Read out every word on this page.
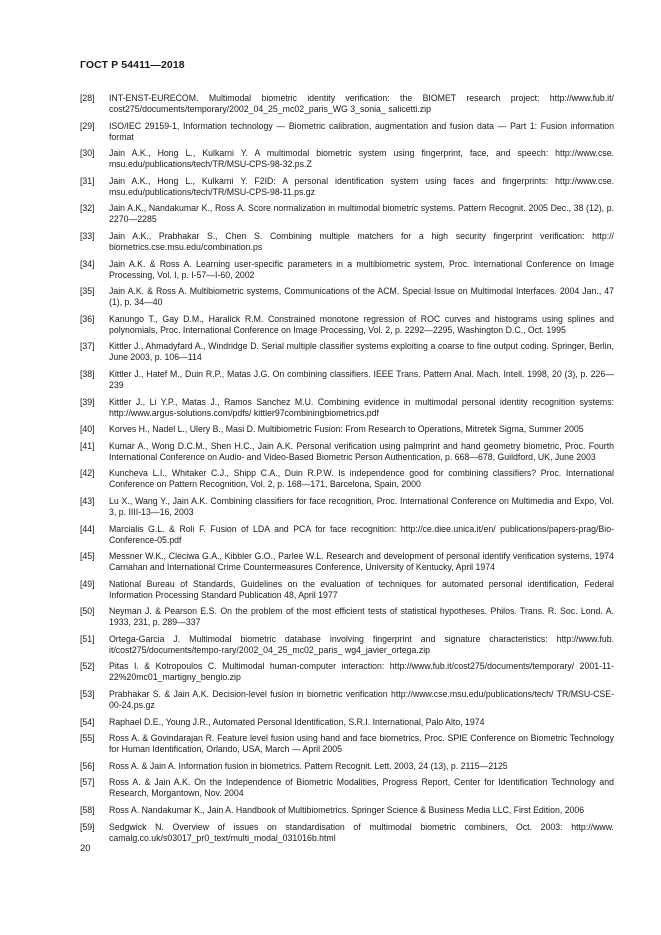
ГОСТ Р 54411—2018
[28]	INT-ENST-EURECOM. Multimodal biometric identity verification: the BIOMET research project: http://www.fub.it/ cost275/documents/temporary/2002_04_25_mc02_paris_WG 3_sonia_ salicetti.zip
[29]	ISO/IEC 29159-1, Information technology — Biometric calibration, augmentation and fusion data — Part 1: Fusion information format
[30]	Jain A.K., Hong L., Kulkarni Y. A multimodal biometric system using fingerprint, face, and speech: http://www.cse. msu.edu/publications/tech/TR/MSU-CPS-98-32.ps.Z
[31]	Jain A.K., Hong L., Kulkarni Y. F2ID: A personal identification system using faces and fingerprints: http://www.cse. msu.edu/publications/tech/TR/MSU-CPS-98-11.ps.gz
[32]	Jain A.K., Nandakumar K., Ross A. Score normalization in multimodal biometric systems. Pattern Recognit. 2005 Dec., 38 (12), p. 2270—2285
[33]	Jain A.K., Prabhakar S., Chen S. Combining multiple matchers for a high security fingerprint verification: http:// biometrics.cse.msu.edu/combination.ps
[34]	Jain A.K. & Ross A. Learning user-specific parameters in a multibiometric system, Proc. International Conference on Image Processing, Vol. I, p. I-57—I-60, 2002
[35]	Jain A.K. & Ross A. Multibiometric systems, Communications of the ACM. Special Issue on Multimodal Interfaces. 2004 Jan., 47 (1), p. 34—40
[36]	Kanungo T., Gay D.M., Haralick R.M. Constrained monotone regression of ROC curves and histograms using splines and polynomials, Proc. International Conference on Image Processing, Vol. 2, p. 2292—2295, Washington D.C., Oct. 1995
[37]	Kittler J., Ahmadyfard A., Windridge D. Serial multiple classifier systems exploiting a coarse to fine output coding. Springer, Berlin, June 2003, p. 106—114
[38]	Kittler J., Hatef M., Duin R.P., Matas J.G. On combining classifiers. IEEE Trans. Pattern Anal. Mach. Intell. 1998, 20 (3), p. 226—239
[39]	Kittler J., Li Y.P., Matas J., Ramos Sanchez M.U. Combining evidence in multimodal personal identity recognition systems: http://www.argus-solutions.com/pdfs/ kittler97combiningbiometrics.pdf
[40]	Korves H., Nadel L., Ulery B., Masi D. Multibiometric Fusion: From Research to Operations, Mitretek Sigma, Summer 2005
[41]	Kumar A., Wong D.C.M., Shen H.C., Jain A.K. Personal verification using palmprint and hand geometry biometric, Proc. Fourth International Conference on Audio- and Video-Based Biometric Person Authentication, p. 668—678, Guildford, UK, June 2003
[42]	Kuncheva L.I., Whitaker C.J., Shipp C.A., Duin R.P.W. Is independence good for combining classifiers? Proc. International Conference on Pattern Recognition, Vol. 2, p. 168—171, Barcelona, Spain, 2000
[43]	Lu X., Wang Y., Jain A.K. Combining classifiers for face recognition, Proc. International Conference on Multimedia and Expo, Vol. 3, p. IIII-13—16, 2003
[44]	Marcialis G.L. & Roli F. Fusion of LDA and PCA for face recognition: http://ce.diee.unica.it/en/ publications/papers-prag/Bio-Conference-05.pdf
[45]	Messner W.K., Cleciwa G.A., Kibbler G.O., Parlee W.L. Research and development of personal identify verification systems, 1974 Carnahan and International Crime Countermeasures Conference, University of Kentucky, April 1974
[49]	National Bureau of Standards, Guidelines on the evaluation of techniques for automated personal identification, Federal Information Processing Standard Publication 48, April 1977
[50]	Neyman J. & Pearson E.S. On the problem of the most efficient tests of statistical hypotheses. Philos. Trans. R. Soc. Lond. A. 1933, 231, p. 289—337
[51]	Ortega-Garcia J. Multimodal biometric database involving fingerprint and signature characteristics: http://www.fub. it/cost275/documents/tempo-rary/2002_04_25_mc02_paris_ wg4_javier_ortega.zip
[52]	Pitas I. & Kotropoulos C. Multimodal human-computer interaction: http://www.fub.it/cost275/documents/temporary/ 2001-11-22%20mc01_martigny_bengio.zip
[53]	Prabhakar S. & Jain A.K. Decision-level fusion in biometric verification http://www.cse.msu.edu/publications/tech/ TR/MSU-CSE-00-24.ps.gz
[54]	Raphael D.E., Young J.R., Automated Personal Identification, S.R.I. International, Palo Alto, 1974
[55]	Ross A. & Govindarajan R. Feature level fusion using hand and face biometrics, Proc. SPIE Conference on Biometric Technology for Human Identification, Orlando, USA, March — April 2005
[56]	Ross A. & Jain A. Information fusion in biometrics. Pattern Recognit. Lett. 2003, 24 (13), p. 2115—2125
[57]	Ross A. & Jain A.K. On the Independence of Biometric Modalities, Progress Report, Center for Identification Technology and Research, Morgantown, Nov. 2004
[58]	Ross A. Nandakumar K., Jain A. Handbook of Multibiometrics. Springer Science & Business Media LLC, First Edition, 2006
[59]	Sedgwick N. Overview of issues on standardisation of multimodal biometric combiners, Oct. 2003: http://www. camalg.co.uk/s03017_pr0_text/multi_modal_031016b.html
20
